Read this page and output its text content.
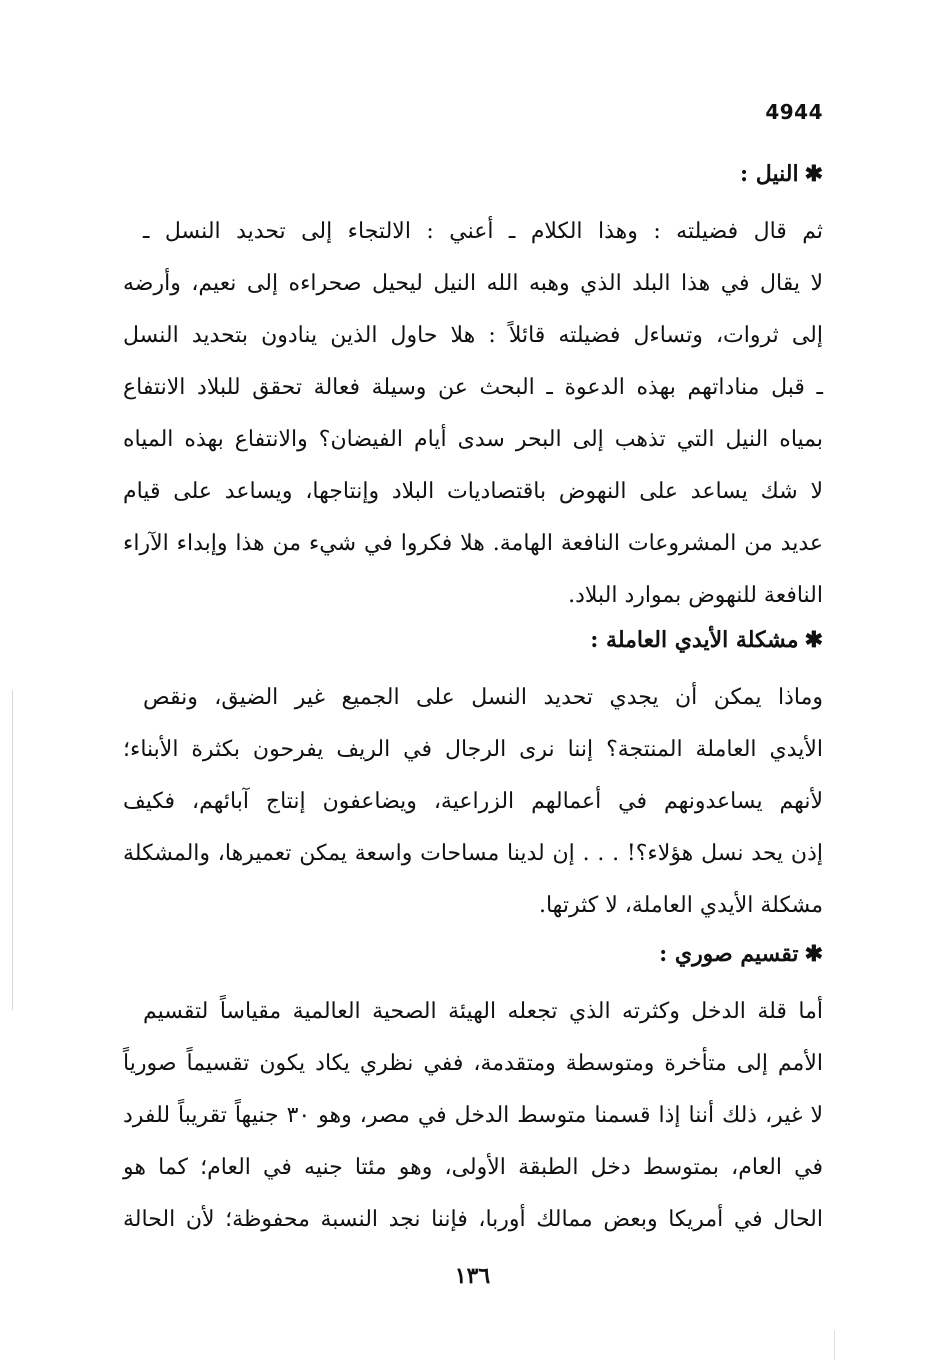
4944
✱النيل :
ثم قال فضيلته : وهذا الكلام ـ أعني : الالتجاء إلى تحديد النسل ـ
لا يقال في هذا البلد الذي وهبه الله النيل ليحيل صحراءه إلى نعيم، وأرضه
إلى ثروات، وتساءل فضيلته قائلاً : هلا حاول الذين ينادون بتحديد النسل
ـ قبل مناداتهم بهذه الدعوة ـ البحث عن وسيلة فعالة تحقق للبلاد الانتفاع
بمياه النيل التي تذهب إلى البحر سدى أيام الفيضان؟ والانتفاع بهذه المياه
لا شك يساعد على النهوض باقتصاديات البلاد وإنتاجها، ويساعد على قيام
عديد من المشروعات النافعة الهامة. هلا فكروا في شيء من هذا وإبداء الآراء
النافعة للنهوض بموارد البلاد.
✱مشكلة الأيدي العاملة :
وماذا يمكن أن يجدي تحديد النسل على الجميع غير الضيق، ونقص
الأيدي العاملة المنتجة؟ إننا نرى الرجال في الريف يفرحون بكثرة الأبناء؛
لأنهم يساعدونهم في أعمالهم الزراعية، ويضاعفون إنتاج آبائهم، فكيف
إذن يحد نسل هؤلاء؟! . . . إن لدينا مساحات واسعة يمكن تعميرها، والمشكلة
مشكلة الأيدي العاملة، لا كثرتها.
✱تقسيم صوري :
أما قلة الدخل وكثرته الذي تجعله الهيئة الصحية العالمية مقياساً لتقسيم
الأمم إلى متأخرة ومتوسطة ومتقدمة، ففي نظري يكاد يكون تقسيماً صورياً
لا غير، ذلك أننا إذا قسمنا متوسط الدخل في مصر، وهو ٣٠ جنيهاً تقريباً للفرد
في العام، بمتوسط دخل الطبقة الأولى، وهو مئتا جنيه في العام؛ كما هو
الحال في أمريكا وبعض ممالك أوربا، فإننا نجد النسبة محفوظة؛ لأن الحالة
١٣٦
